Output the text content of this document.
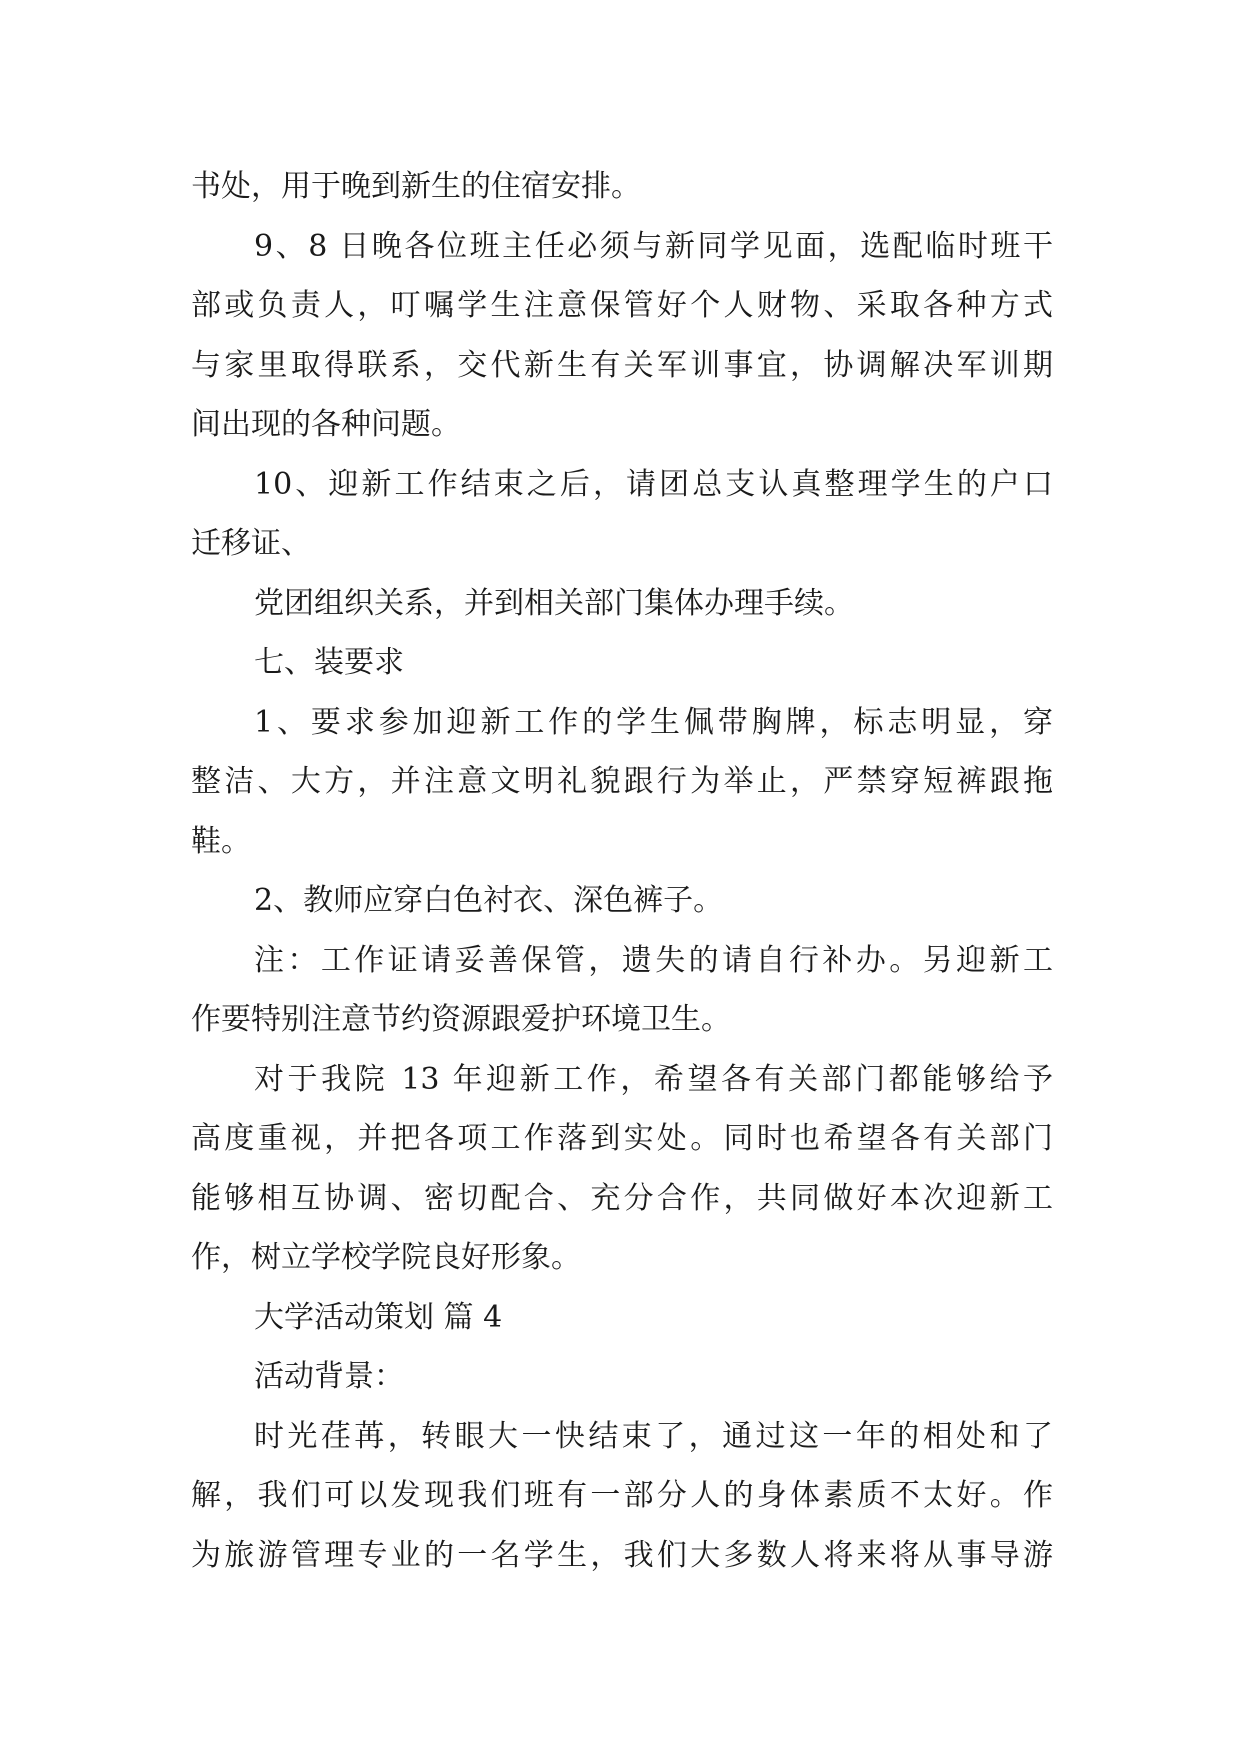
书处，用于晚到新生的住宿安排。
9、8 日晚各位班主任必须与新同学见面，选配临时班干
部或负责人，叮嘱学生注意保管好个人财物、采取各种方式
与家里取得联系，交代新生有关军训事宜，协调解决军训期
间出现的各种问题。
10、迎新工作结束之后，请团总支认真整理学生的户口
迁移证、
党团组织关系，并到相关部门集体办理手续。
七、装要求
1、要求参加迎新工作的学生佩带胸牌，标志明显，穿
整洁、大方，并注意文明礼貌跟行为举止，严禁穿短裤跟拖
鞋。
2、教师应穿白色衬衣、深色裤子。
注：工作证请妥善保管，遗失的请自行补办。另迎新工
作要特别注意节约资源跟爱护环境卫生。
对于我院 13 年迎新工作，希望各有关部门都能够给予
高度重视，并把各项工作落到实处。同时也希望各有关部门
能够相互协调、密切配合、充分合作，共同做好本次迎新工
作，树立学校学院良好形象。
大学活动策划 篇 4
活动背景：
时光荏苒，转眼大一快结束了，通过这一年的相处和了
解，我们可以发现我们班有一部分人的身体素质不太好。作
为旅游管理专业的一名学生，我们大多数人将来将从事导游
